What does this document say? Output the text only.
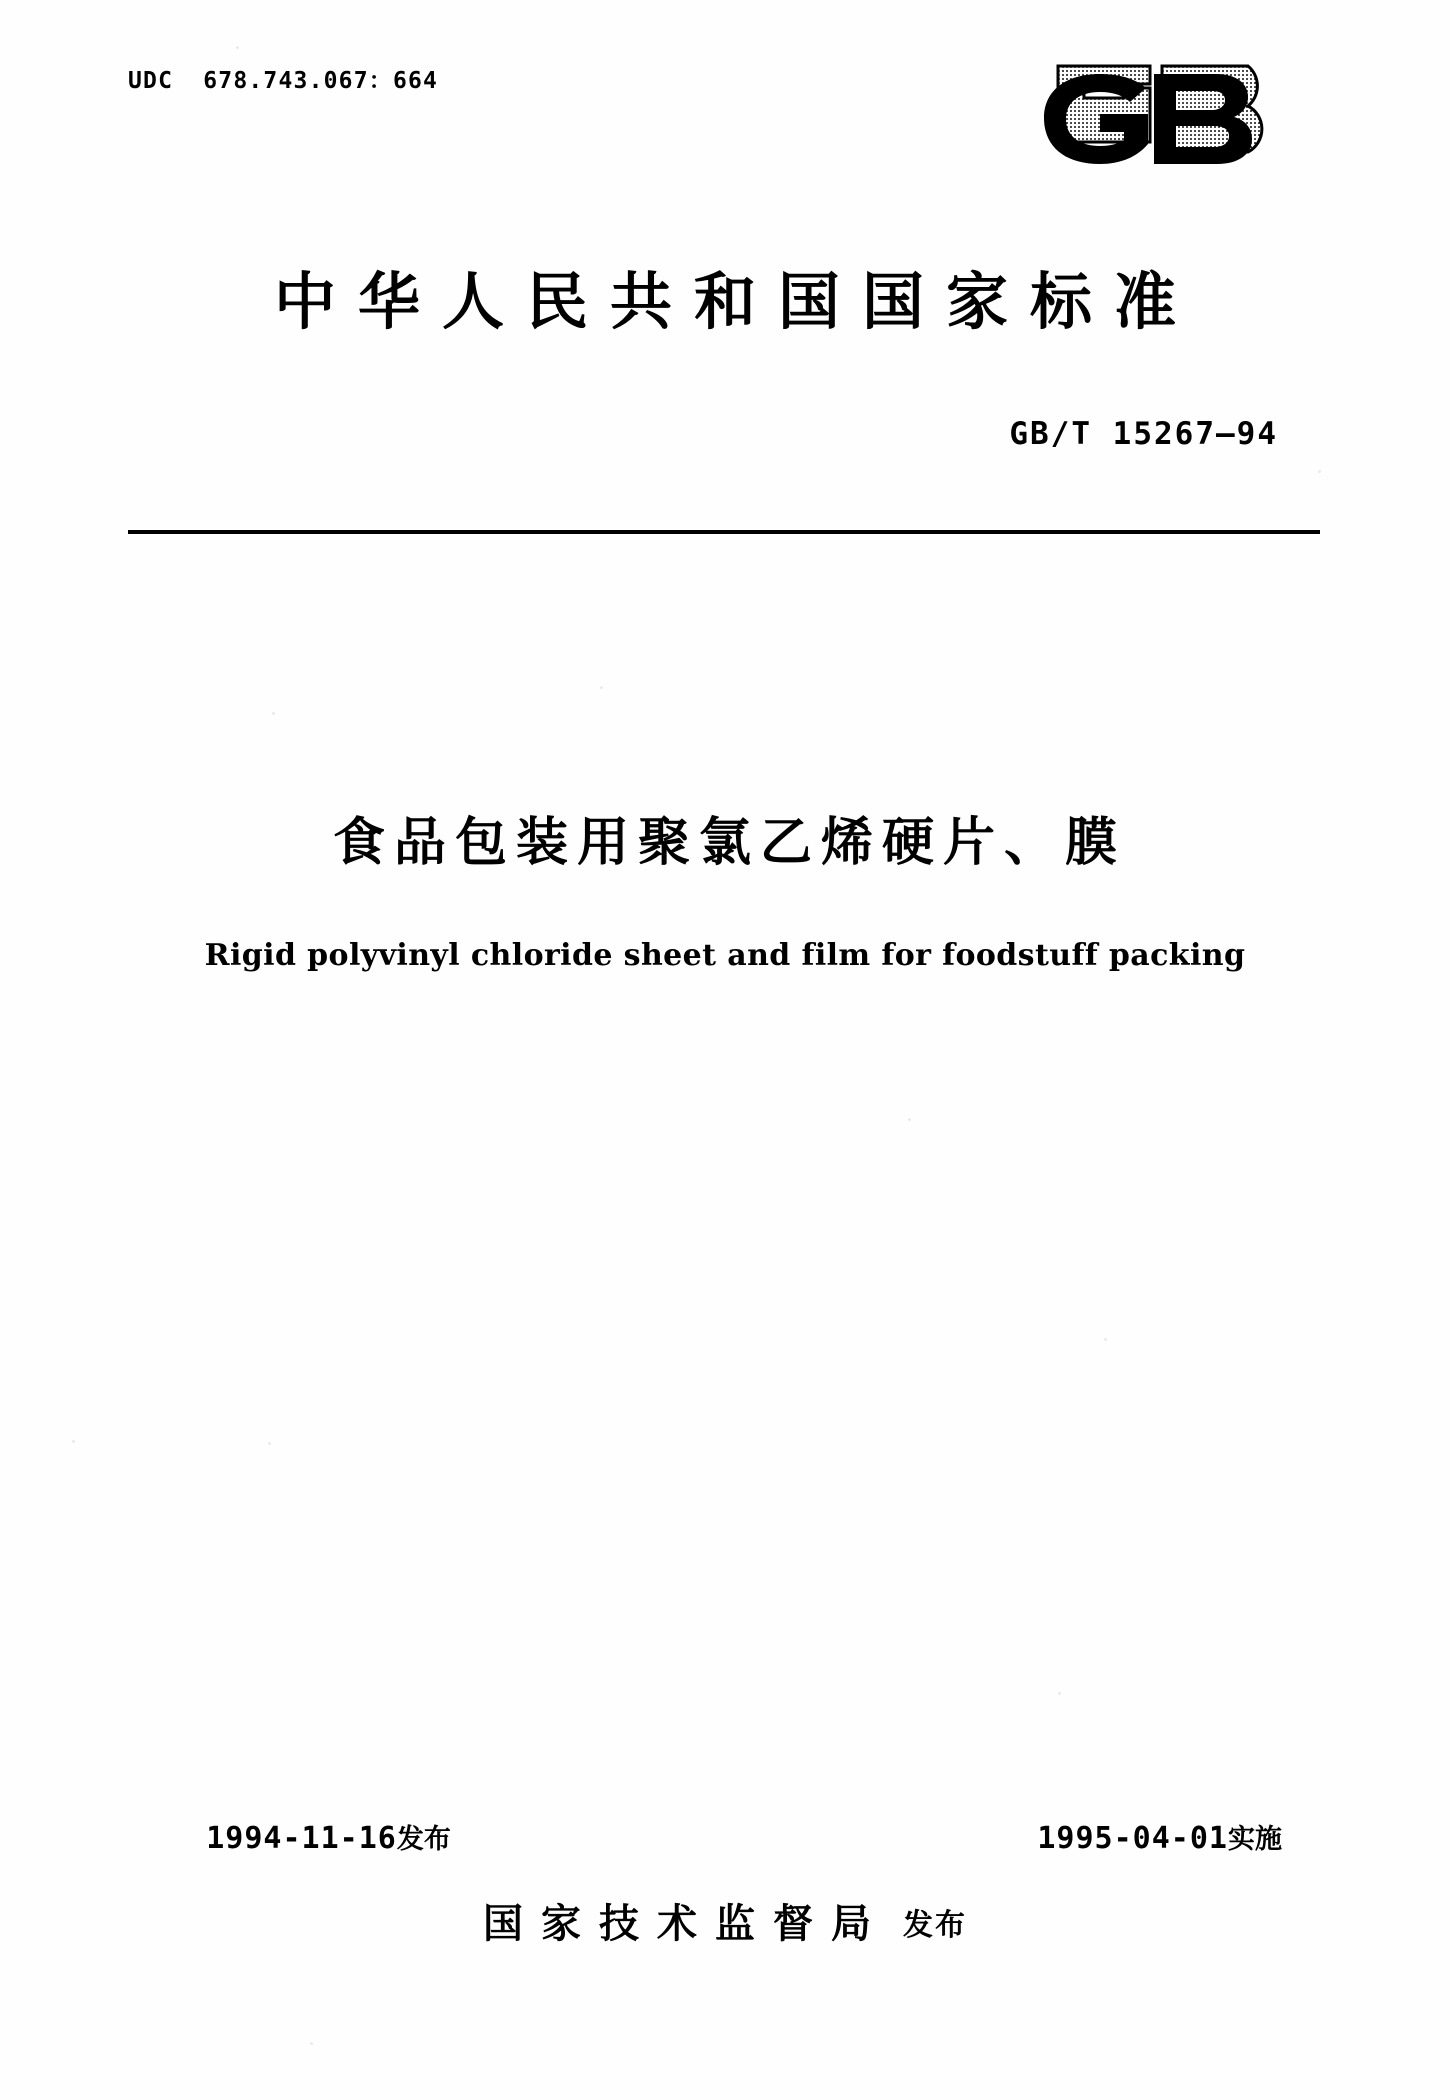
UDC  678.743.067：664
中华人民共和国国家标准
GB/T 15267—94
食品包装用聚氯乙烯硬片、膜
Rigid polyvinyl chloride sheet and film for foodstuff packing

1994-11-16发布
	1995-04-01实施

国家技术监督局 发布
